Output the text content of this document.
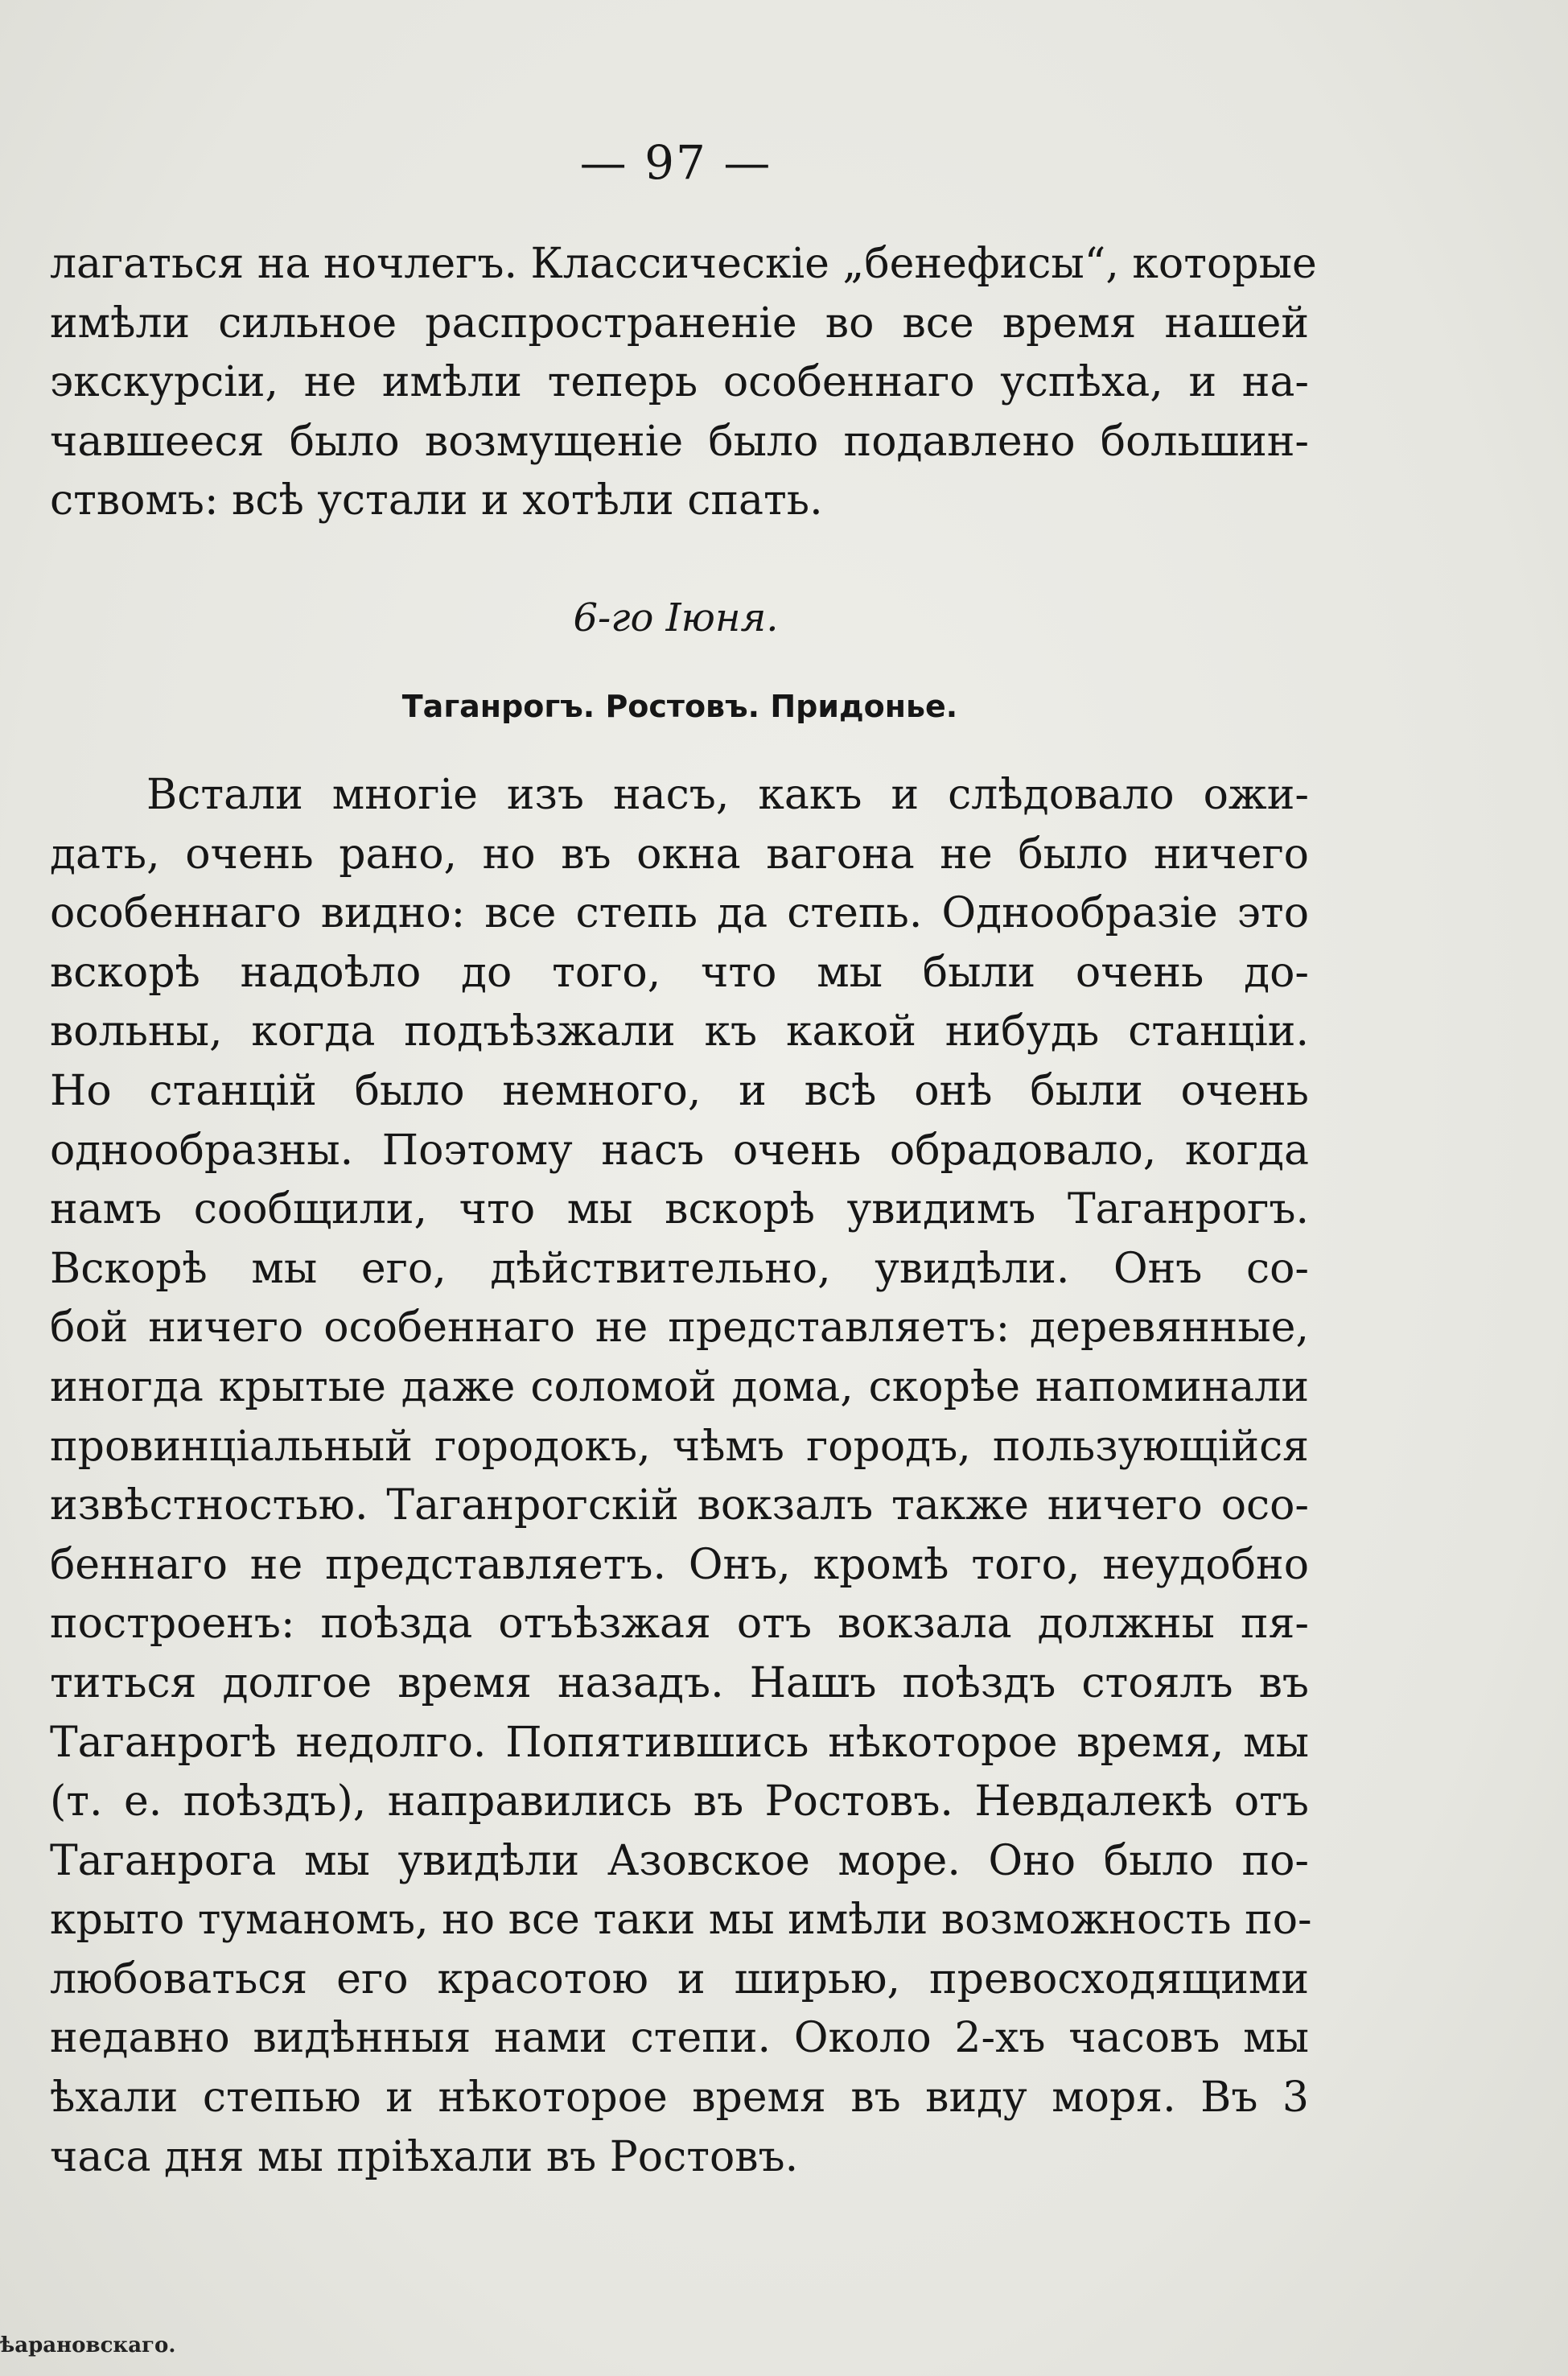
— 97 —
лагаться на ночлегъ. Классическіе „бенефисы“, которые
имѣли сильное распространеніе во все время нашей
экскурсіи, не имѣли теперь особеннаго успѣха, и на-
чавшееся было возмущеніе было подавлено большин-
ствомъ: всѣ устали и хотѣли спать.
6-го Іюня.
Таганрогъ. Ростовъ. Придонье.
Встали многіе изъ насъ, какъ и слѣдовало ожи-
дать, очень рано, но въ окна вагона не было ничего
особеннаго видно: все степь да степь. Однообразіе это
вскорѣ надоѣло до того, что мы были очень до-
вольны, когда подъѣзжали къ какой нибудь станціи.
Но станцій было немного, и всѣ онѣ были очень
однообразны. Поэтому насъ очень обрадовало, когда
намъ сообщили, что мы вскорѣ увидимъ Таганрогъ.
Вскорѣ мы его, дѣйствительно, увидѣли. Онъ со-
бой ничего особеннаго не представляетъ: деревянные,
иногда крытые даже соломой дома, скорѣе напоминали
провинціальный городокъ, чѣмъ городъ, пользующійся
извѣстностью. Таганрогскій вокзалъ также ничего осо-
беннаго не представляетъ. Онъ, кромѣ того, неудобно
построенъ: поѣзда отъѣзжая отъ вокзала должны пя-
титься долгое время назадъ. Нашъ поѣздъ стоялъ въ
Таганрогѣ недолго. Попятившись нѣкоторое время, мы
(т. е. поѣздъ), направились въ Ростовъ. Невдалекѣ отъ
Таганрога мы увидѣли Азовское море. Оно было по-
крыто туманомъ, но все таки мы имѣли возможность по-
любоваться его красотою и ширью, превосходящими
недавно видѣнныя нами степи. Около 2-хъ часовъ мы
ѣхали степью и нѣкоторое время въ виду моря. Въ 3
часа дня мы пріѣхали въ Ростовъ.
ѣарановскаго.
